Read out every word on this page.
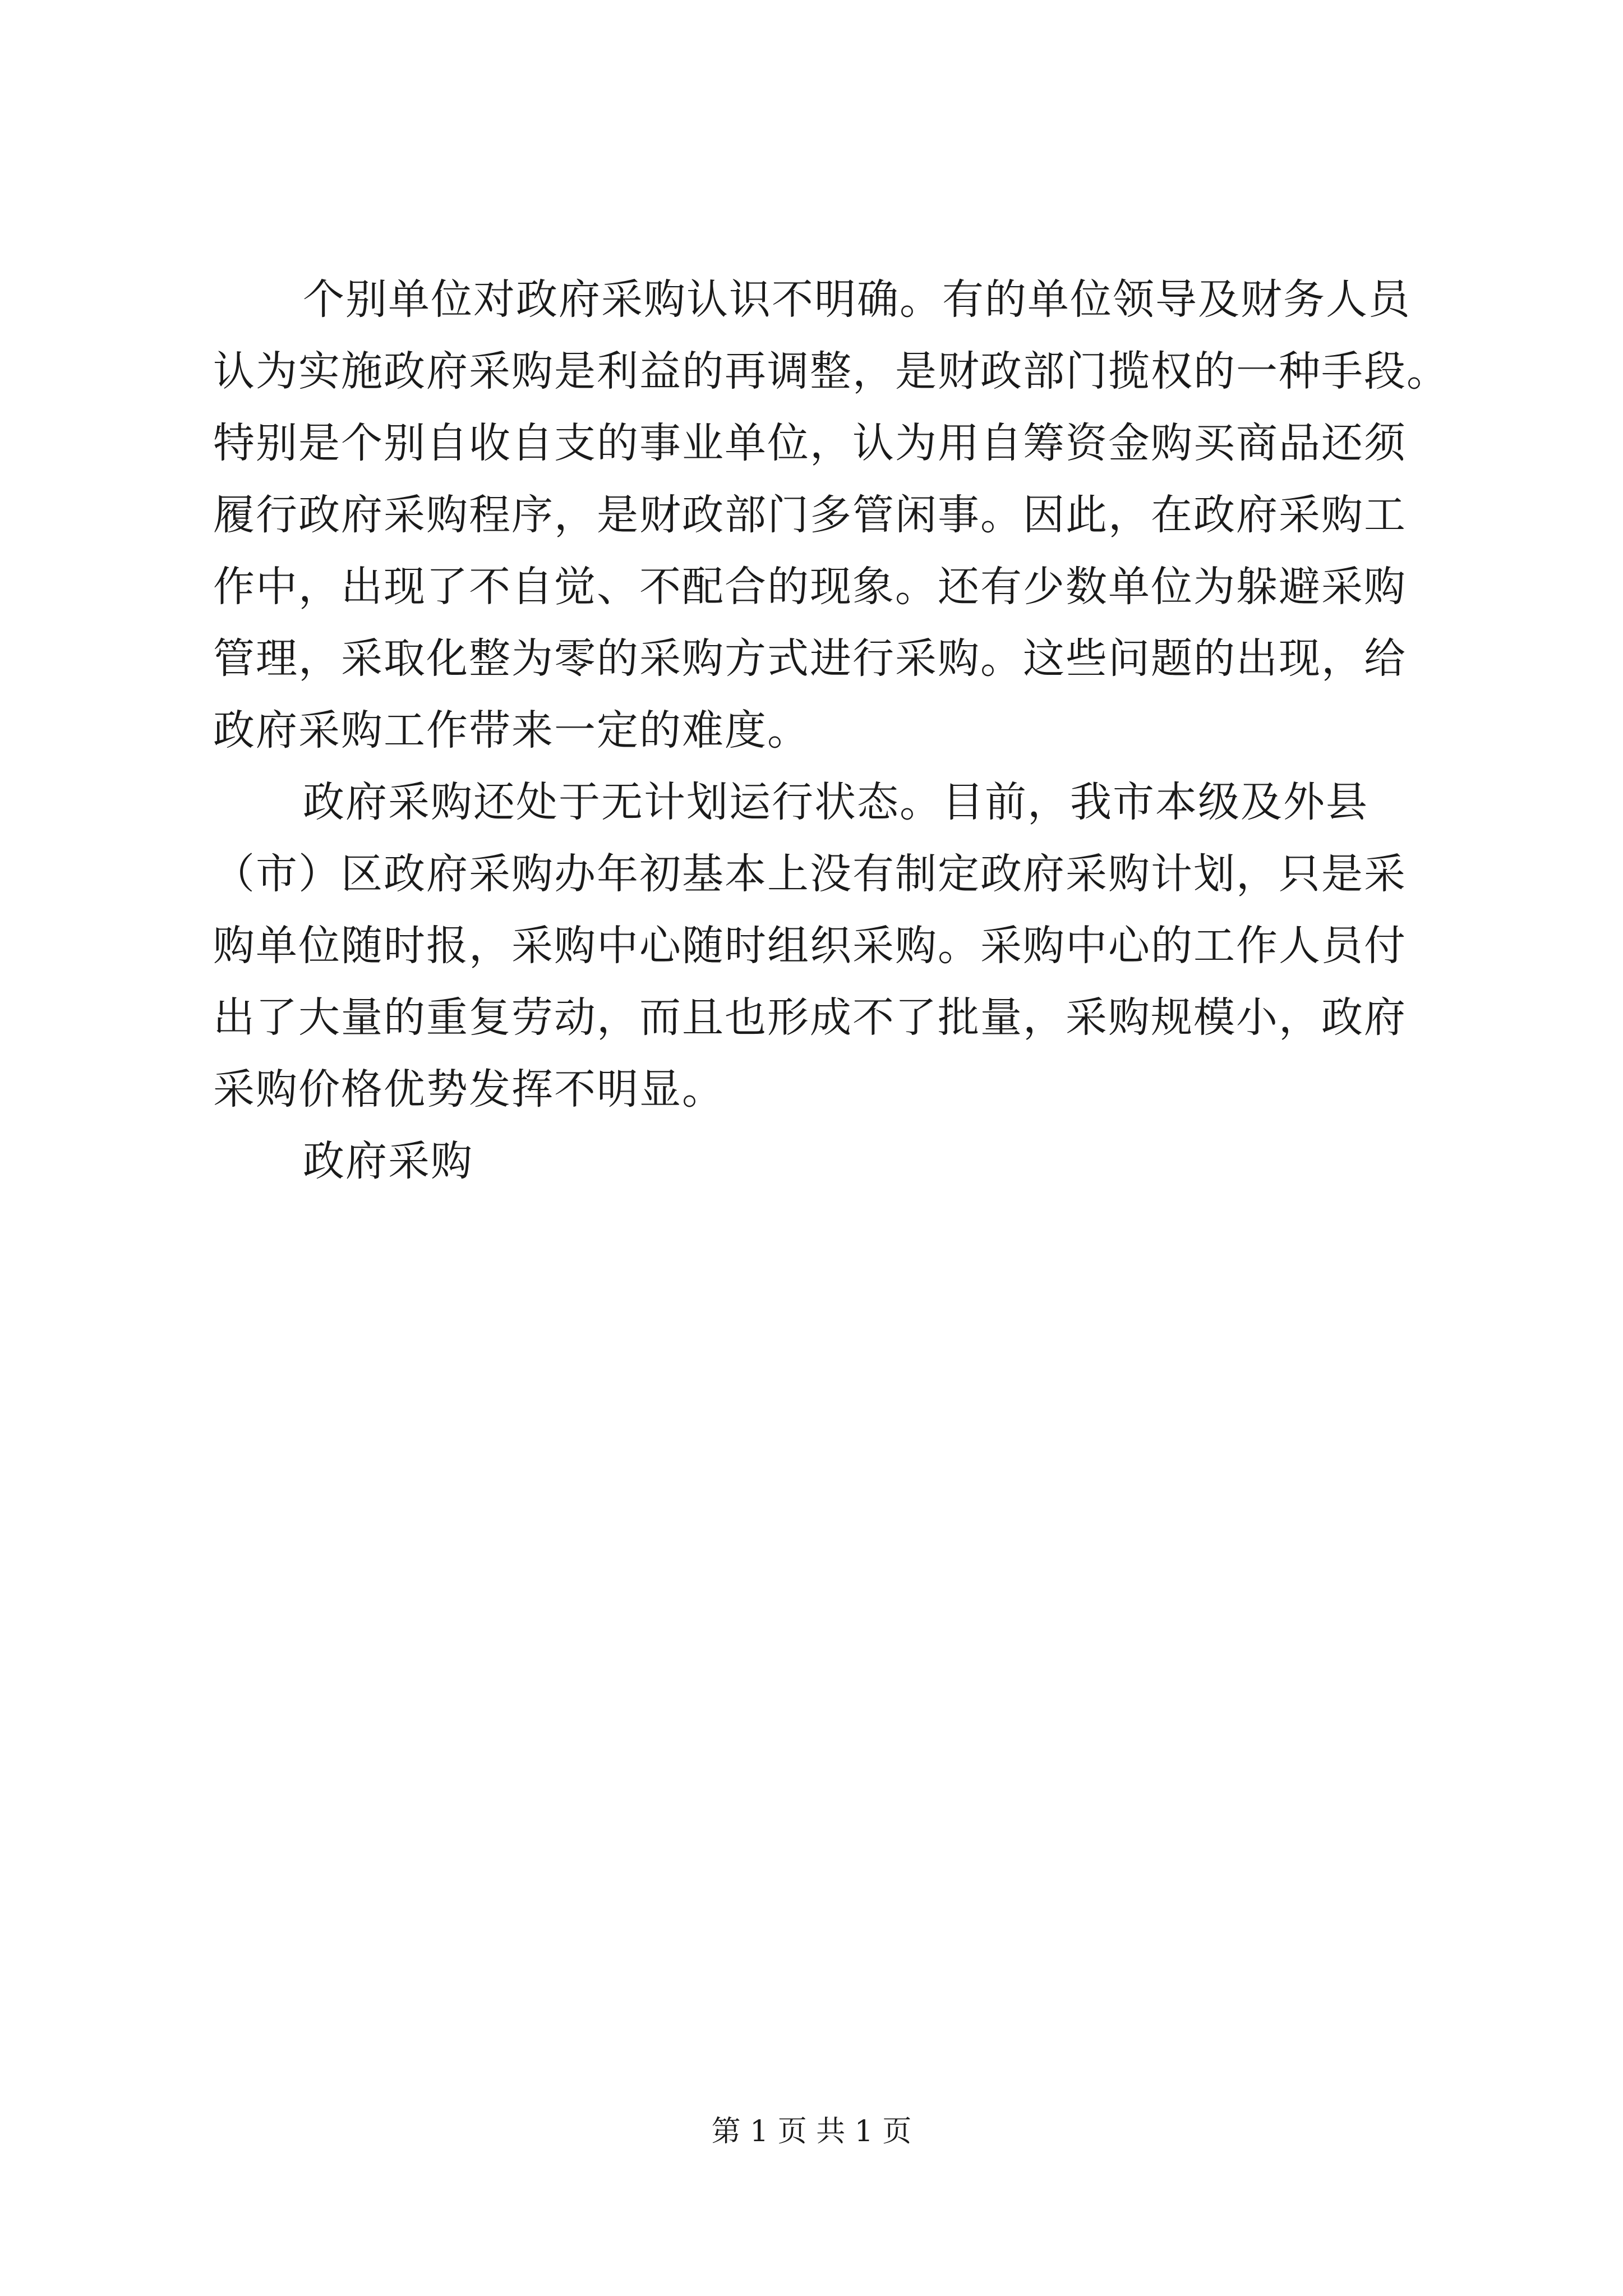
个别单位对政府采购认识不明确。有的单位领导及财务人员
认为实施政府采购是利益的再调整，是财政部门揽权的一种手段。
特别是个别自收自支的事业单位，认为用自筹资金购买商品还须
履行政府采购程序，是财政部门多管闲事。因此，在政府采购工
作中，出现了不自觉、不配合的现象。还有少数单位为躲避采购
管理，采取化整为零的采购方式进行采购。这些问题的出现，给
政府采购工作带来一定的难度。
政府采购还处于无计划运行状态。目前，我市本级及外县
（市）区政府采购办年初基本上没有制定政府采购计划，只是采
购单位随时报，采购中心随时组织采购。采购中心的工作人员付
出了大量的重复劳动，而且也形成不了批量，采购规模小，政府
采购价格优势发挥不明显。
政府采购
第 1 页 共 1 页
